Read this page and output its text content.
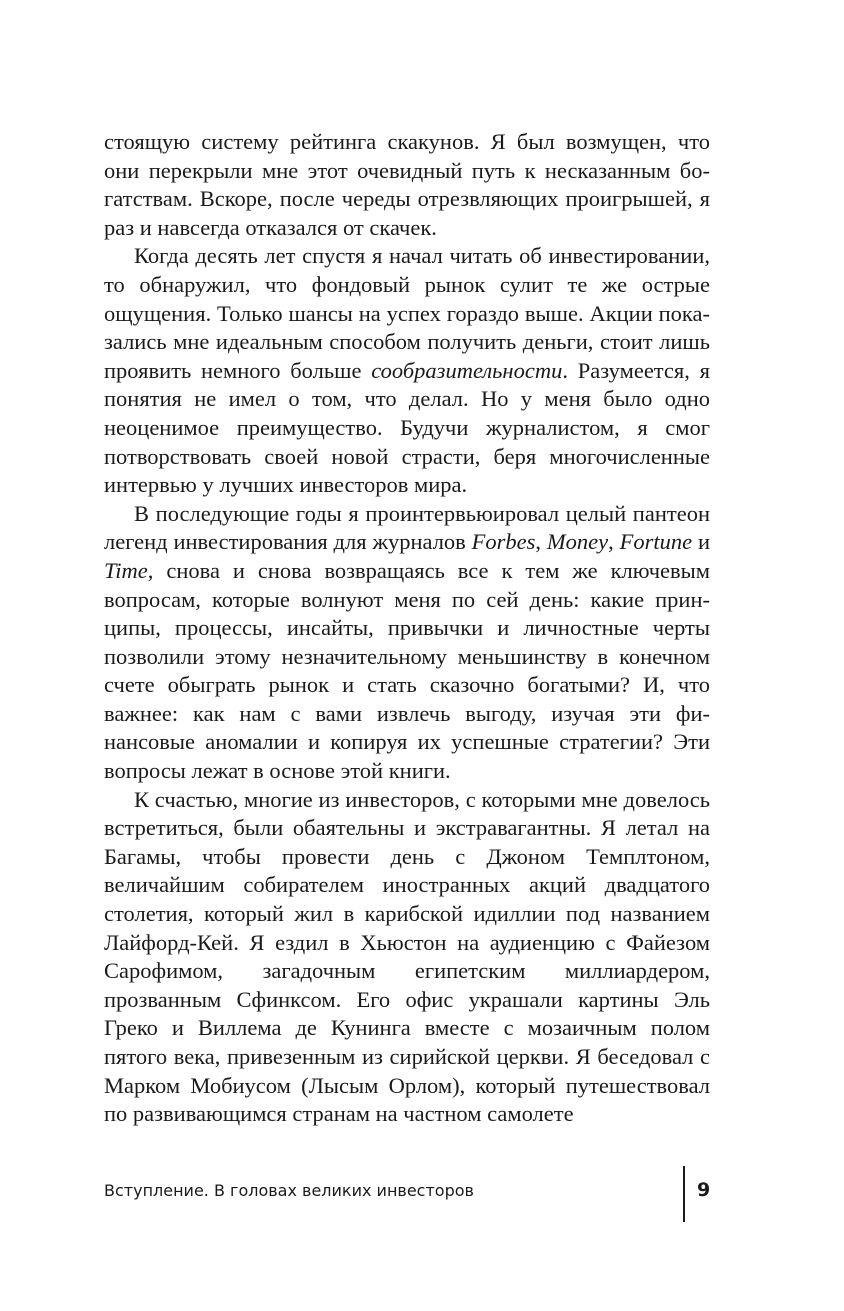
стоящую систему рейтинга скакунов. Я был возмущен, что они перекрыли мне этот очевидный путь к несказанным богатствам. Вскоре, после череды отрезвляющих проигрышей, я раз и навсегда отказался от скачек.

Когда десять лет спустя я начал читать об инвестировании, то обнаружил, что фондовый рынок сулит те же острые ощущения. Только шансы на успех гораздо выше. Акции показались мне идеальным способом получить деньги, стоит лишь проявить немного больше сообразительности. Разумеется, я понятия не имел о том, что делал. Но у меня было одно неоценимое преимущество. Будучи журналистом, я смог потворствовать своей новой страсти, беря многочисленные интервью у лучших инвесторов мира.

В последующие годы я проинтервьюировал целый пантеон легенд инвестирования для журналов Forbes, Money, Fortune и Time, снова и снова возвращаясь все к тем же ключевым вопросам, которые волнуют меня по сей день: какие принципы, процессы, инсайты, привычки и личностные черты позволили этому незначительному меньшинству в конечном счете обыграть рынок и стать сказочно богатыми? И, что важнее: как нам с вами извлечь выгоду, изучая эти финансовые аномалии и копируя их успешные стратегии? Эти вопросы лежат в основе этой книги.

К счастью, многие из инвесторов, с которыми мне довелось встретиться, были обаятельны и экстравагантны. Я летал на Багамы, чтобы провести день с Джоном Темплтоном, величайшим собирателем иностранных акций двадцатого столетия, который жил в карибской идиллии под названием Лайфорд-Кей. Я ездил в Хьюстон на аудиенцию с Файезом Сарофимом, загадочным египетским миллиардером, прозванным Сфинксом. Его офис украшали картины Эль Греко и Виллема де Кунинга вместе с мозаичным полом пятого века, привезенным из сирийской церкви. Я беседовал с Марком Мобиусом (Лысым Орлом), который путешествовал по развивающимся странам на частном самолете

Вступление. В головах великих инвесторов	9
